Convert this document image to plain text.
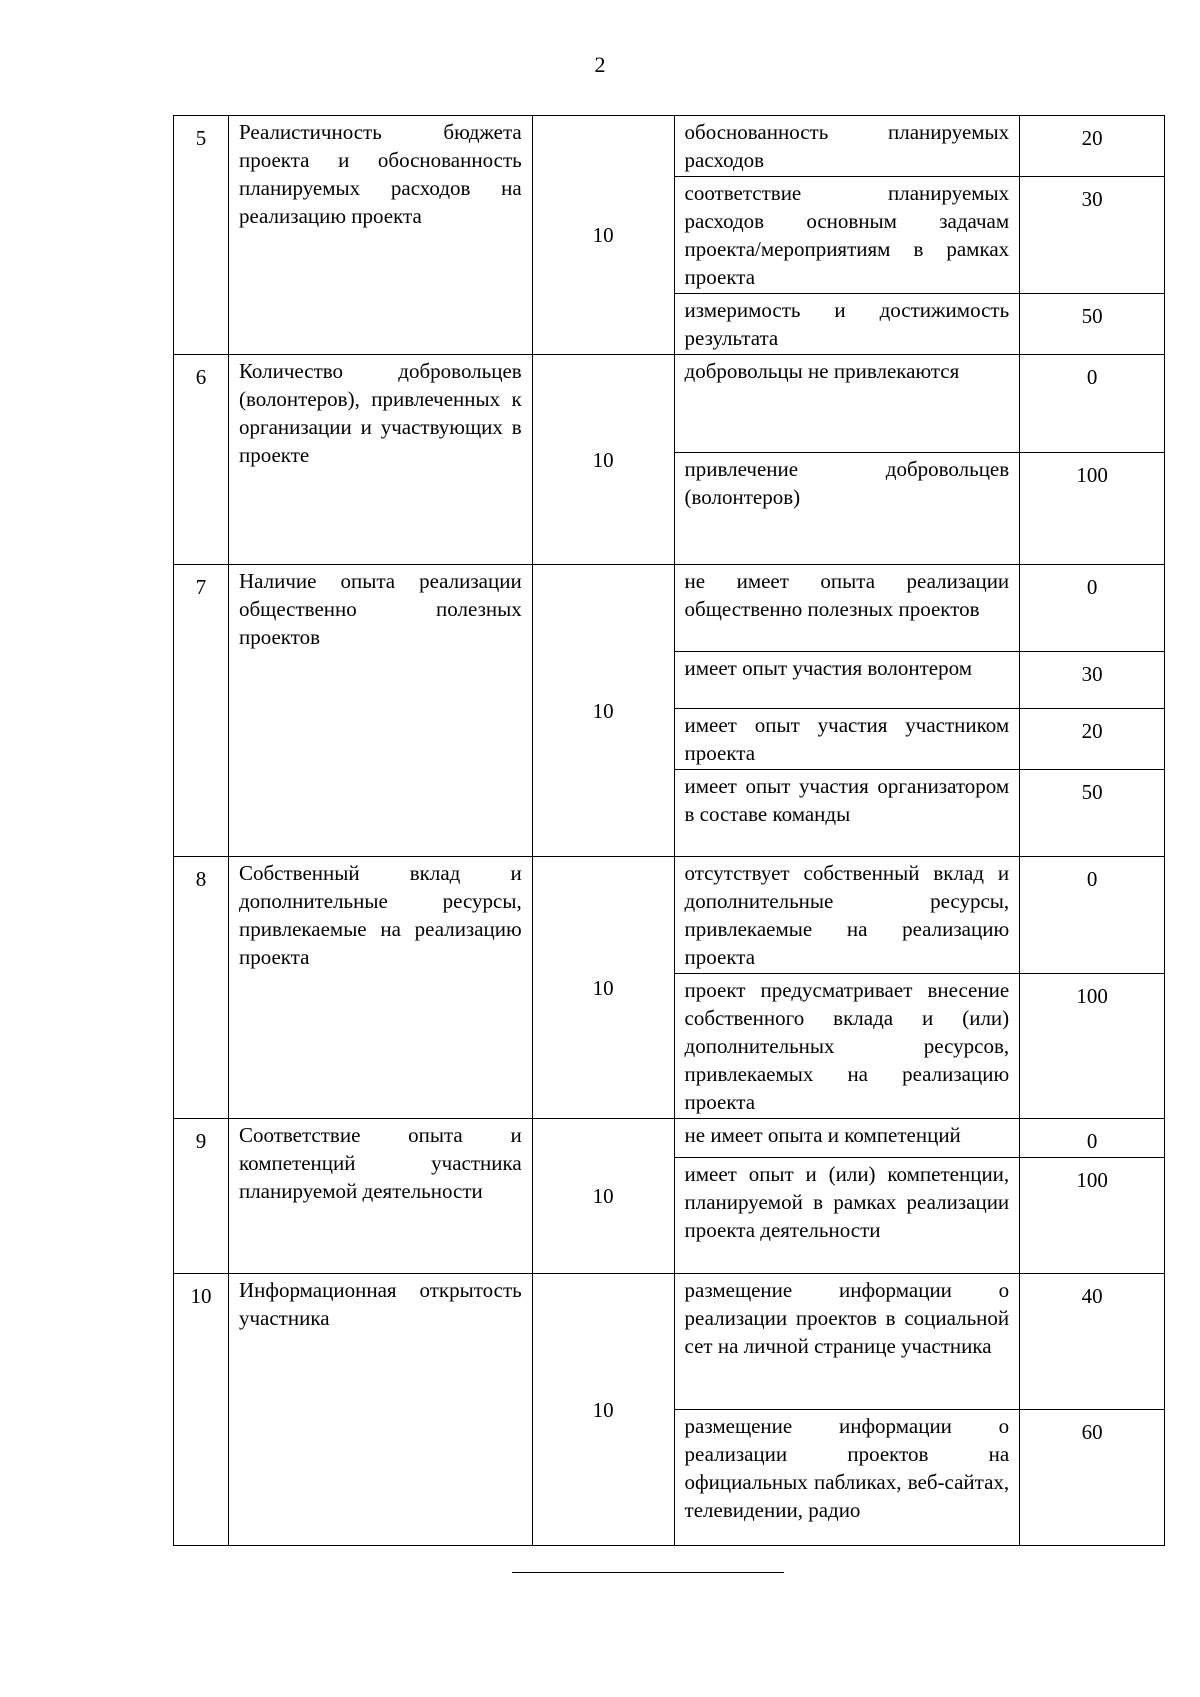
2
5	Реалистичность бюджета проекта и обоснованность планируемых расходов на реализацию проекта	10	обоснованность планируемых расходов	20
			соответствие планируемых расходов основным задачам проекта/мероприятиям в рамках проекта	30
			измеримость и достижимость результата	50
6	Количество добровольцев (волонтеров), привлеченных к организации и участвующих в проекте	10	добровольцы не привлекаются	0
			привлечение добровольцев (волонтеров)	100
7	Наличие опыта реализации общественно полезных проектов	10	не имеет опыта реализации общественно полезных проектов	0
			имеет опыт участия волонтером	30
			имеет опыт участия участником проекта	20
			имеет опыт участия организатором в составе команды	50
8	Собственный вклад и дополнительные ресурсы, привлекаемые на реализацию проекта	10	отсутствует собственный вклад и дополнительные ресурсы, привлекаемые на реализацию проекта	0
			проект предусматривает внесение собственного вклада и (или) дополнительных ресурсов, привлекаемых на реализацию проекта	100
9	Соответствие опыта и компетенций участника планируемой деятельности	10	не имеет опыта и компетенций	0
			имеет опыт и (или) компетенции, планируемой в рамках реализации проекта деятельности	100
10	Информационная открытость участника	10	размещение информации о реализации проектов в социальной сет на личной странице участника	40
			размещение информации о реализации проектов на официальных пабликах, веб-сайтах, телевидении, радио	60
